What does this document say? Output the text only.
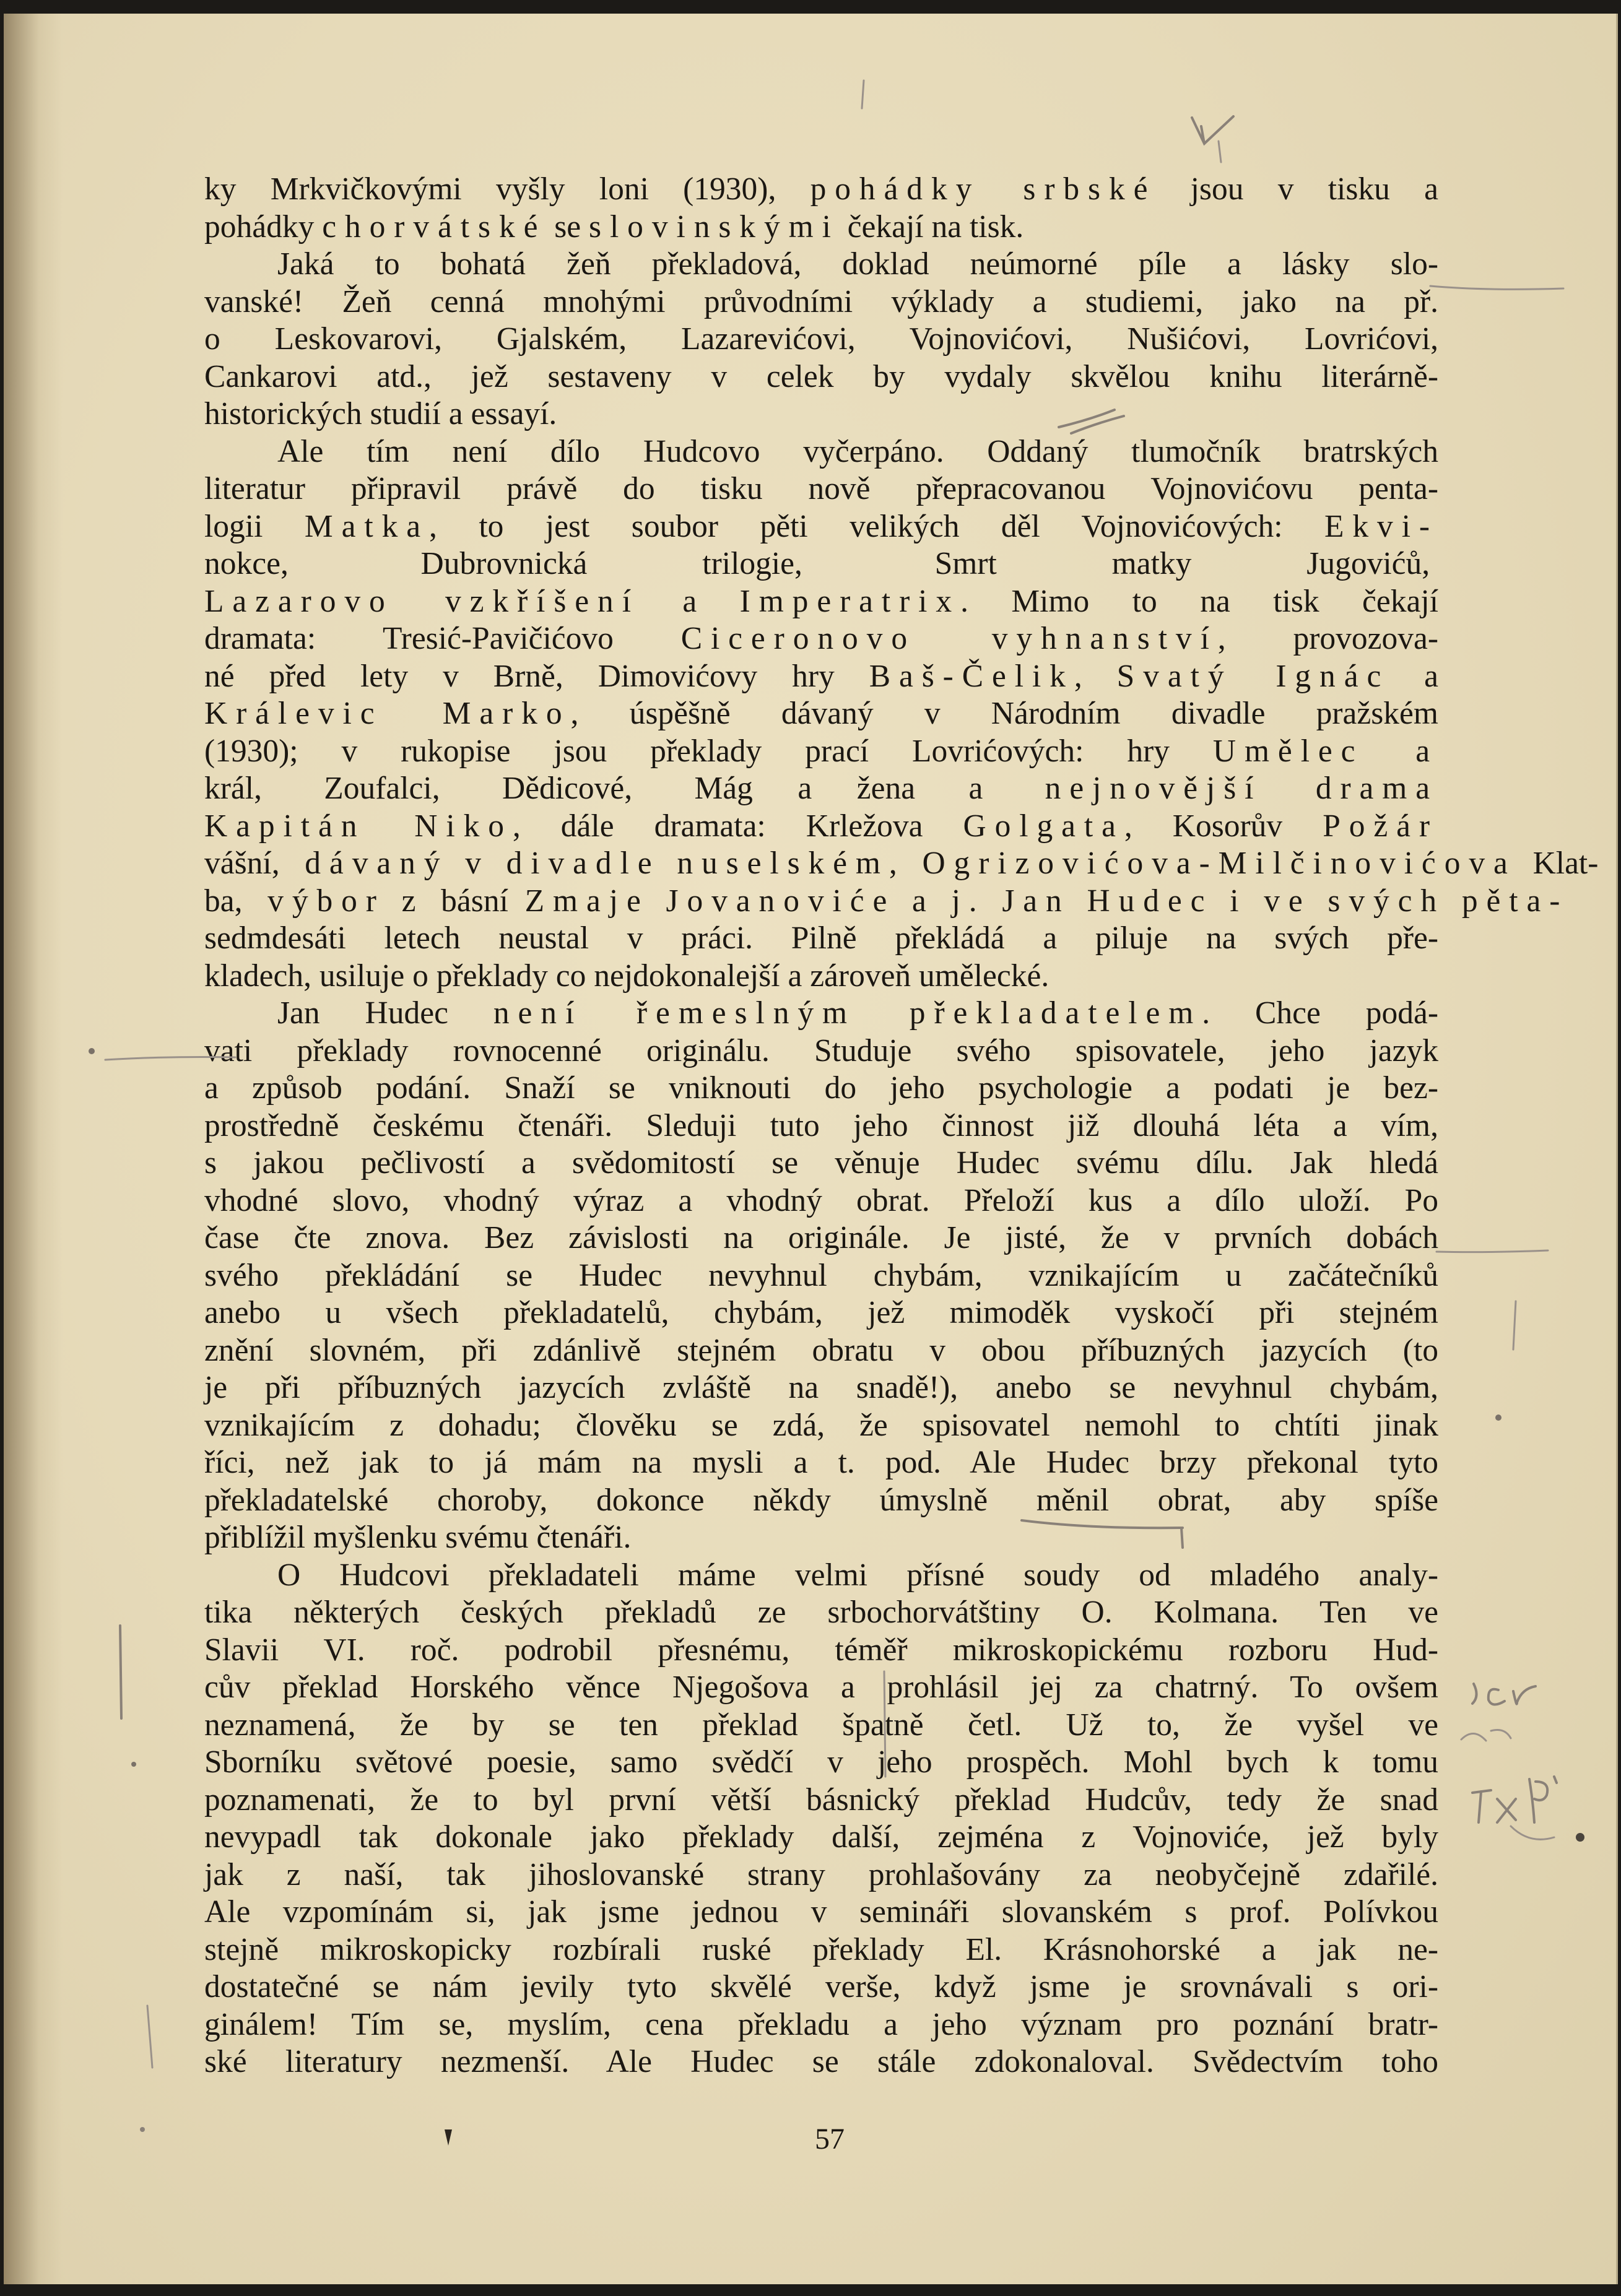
ky Mrkvičkovými vyšly loni (1930), pohádky srbské jsou v tisku a
pohádky chorvátské se slovinskými čekají na tisk.
Jaká to bohatá žeň překladová, doklad neúmorné píle a lásky slo-
vanské! Žeň cenná mnohými průvodními výklady a studiemi, jako na př.
o Leskovarovi, Gjalském, Lazarevićovi, Vojnovićovi, Nušićovi, Lovrićovi,
Cankarovi atd., jež sestaveny v celek by vydaly skvělou knihu literárně-
historických studií a essayí.
Ale tím není dílo Hudcovo vyčerpáno. Oddaný tlumočník bratrských
literatur připravil právě do tisku nově přepracovanou Vojnovićovu penta-
logii Matka, to jest soubor pěti velikých děl Vojnovićových: Ekvi-
nokce, Dubrovnická trilogie, Smrt matky Jugovićů,
Lazarovo vzkříšení a Imperatrix. Mimo to na tisk čekají
dramata: Tresić-Pavičićovo Ciceronovo vyhnanství, provozova-
né před lety v Brně, Dimovićovy hry Baš-Čelik, Svatý Ignác a
Králevic Marko, úspěšně dávaný v Národním divadle pražském
(1930); v rukopise jsou překlady prací Lovrićových: hry Umělec a
král, Zoufalci, Dědicové, Mág a žena a nejnovější drama
Kapitán Niko, dále dramata: Krležova Golgata, Kosorův Požár
vášní, dávaný v divadle nuselském, Ogrizovićova-Milčinovićova
ba, výbor z básní Zmaje Jovanoviće a j. Jan Hudec i ve svých pěta-
sedmdesáti letech neustal v práci. Pilně překládá a piluje na svých pře-
kladech, usiluje o překlady co nejdokonalejší a zároveň umělecké.
Jan Hudec není řemeslným překladatelem. Chce podá-
vati překlady rovnocenné originálu. Studuje svého spisovatele, jeho jazyk
a způsob podání. Snaží se vniknouti do jeho psychologie a podati je bez-
prostředně českému čtenáři. Sleduji tuto jeho činnost již dlouhá léta a vím,
s jakou pečlivostí a svědomitostí se věnuje Hudec svému dílu. Jak hledá
vhodné slovo, vhodný výraz a vhodný obrat. Přeloží kus a dílo uloží. Po
čase čte znova. Bez závislosti na originále. Je jisté, že v prvních dobách
svého překládání se Hudec nevyhnul chybám, vznikajícím u začátečníků
anebo u všech překladatelů, chybám, jež mimoděk vyskočí při stejném
znění slovném, při zdánlivě stejném obratu v obou příbuzných jazycích (to
je při příbuzných jazycích zvláště na snadě!), anebo se nevyhnul chybám,
vznikajícím z dohadu; člověku se zdá, že spisovatel nemohl to chtíti jinak
říci, než jak to já mám na mysli a t. pod. Ale Hudec brzy překonal tyto
překladatelské choroby, dokonce někdy úmyslně měnil obrat, aby spíše
přiblížil myšlenku svému čtenáři.
O Hudcovi překladateli máme velmi přísné soudy od mladého analy-
tika některých českých překladů ze srbochorvátštiny O. Kolmana. Ten ve
Slavii VI. roč. podrobil přesnému, téměř mikroskopickému rozboru Hud-
cův překlad Horského věnce Njegošova a prohlásil jej za chatrný. To ovšem
neznamená, že by se ten překlad špatně četl. Už to, že vyšel ve
Sborníku světové poesie, samo svědčí v jeho prospěch. Mohl bych k tomu
poznamenati, že to byl první větší básnický překlad Hudcův, tedy že snad
nevypadl tak dokonale jako překlady další, zejména z Vojnoviće, jež byly
jak z naší, tak jihoslovanské strany prohlašovány za neobyčejně zdařilé.
Ale vzpomínám si, jak jsme jednou v semináři slovanském s prof. Polívkou
stejně mikroskopicky rozbírali ruské překlady El. Krásnohorské a jak ne-
dostatečné se nám jevily tyto skvělé verše, když jsme je srovnávali s ori-
ginálem! Tím se, myslím, cena překladu a jeho význam pro poznání bratr-
ské literatury nezmenší. Ale Hudec se stále zdokonaloval. Svědectvím toho
57
